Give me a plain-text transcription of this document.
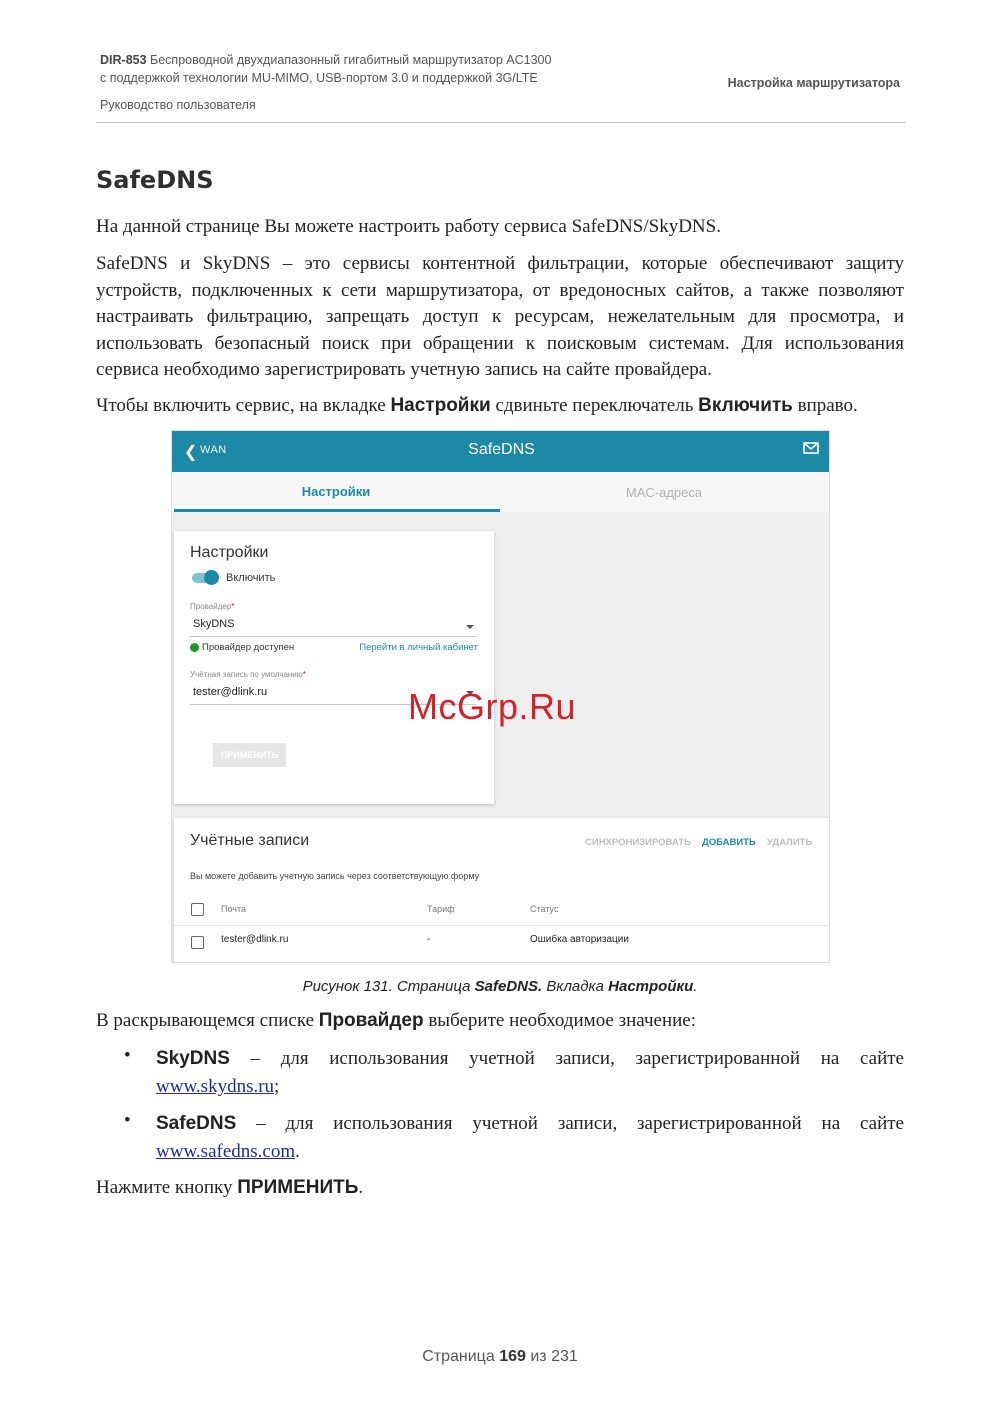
DIR-853 Беспроводной двухдиапазонный гигабитный маршрутизатор AC1300
с поддержкой технологии MU-MIMO, USB-портом 3.0 и поддержкой 3G/LTE
Руководство пользователя
Настройка маршрутизатора
SafeDNS
На данной странице Вы можете настроить работу сервиса SafeDNS/SkyDNS.
SafeDNS и SkyDNS – это сервисы контентной фильтрации, которые обеспечивают защиту устройств, подключенных к сети маршрутизатора, от вредоносных сайтов, а также позволяют настраивать фильтрацию, запрещать доступ к ресурсам, нежелательным для просмотра, и использовать безопасный поиск при обращении к поисковым системам. Для использования сервиса необходимо зарегистрировать учетную запись на сайте провайдера.
Чтобы включить сервис, на вкладке Настройки сдвиньте переключатель Включить вправо.
❮ WAN	SafeDNS
Настройки	MAC-адреса
Настройки
Включить
Провайдер*
SkyDNS
Провайдер доступен	Перейти в личный кабинет
Учётная запись по умолчанию*
tester@dlink.ru
ПРИМЕНИТЬ
Учётные записи	СИНХРОНИЗИРОВАТЬ ДОБАВИТЬ УДАЛИТЬ
Вы можете добавить учетную запись через соответствующую форму
Почта	Тариф	Статус
tester@dlink.ru	-	Ошибка авторизации
McGrp.Ru
Рисунок 131. Страница SafeDNS. Вкладка Настройки.
В раскрывающемся списке Провайдер выберите необходимое значение:
• SkyDNS – для использования учетной записи, зарегистрированной на сайте www.skydns.ru;
• SafeDNS – для использования учетной записи, зарегистрированной на сайте www.safedns.com.
Нажмите кнопку ПРИМЕНИТЬ.
Страница 169 из 231
